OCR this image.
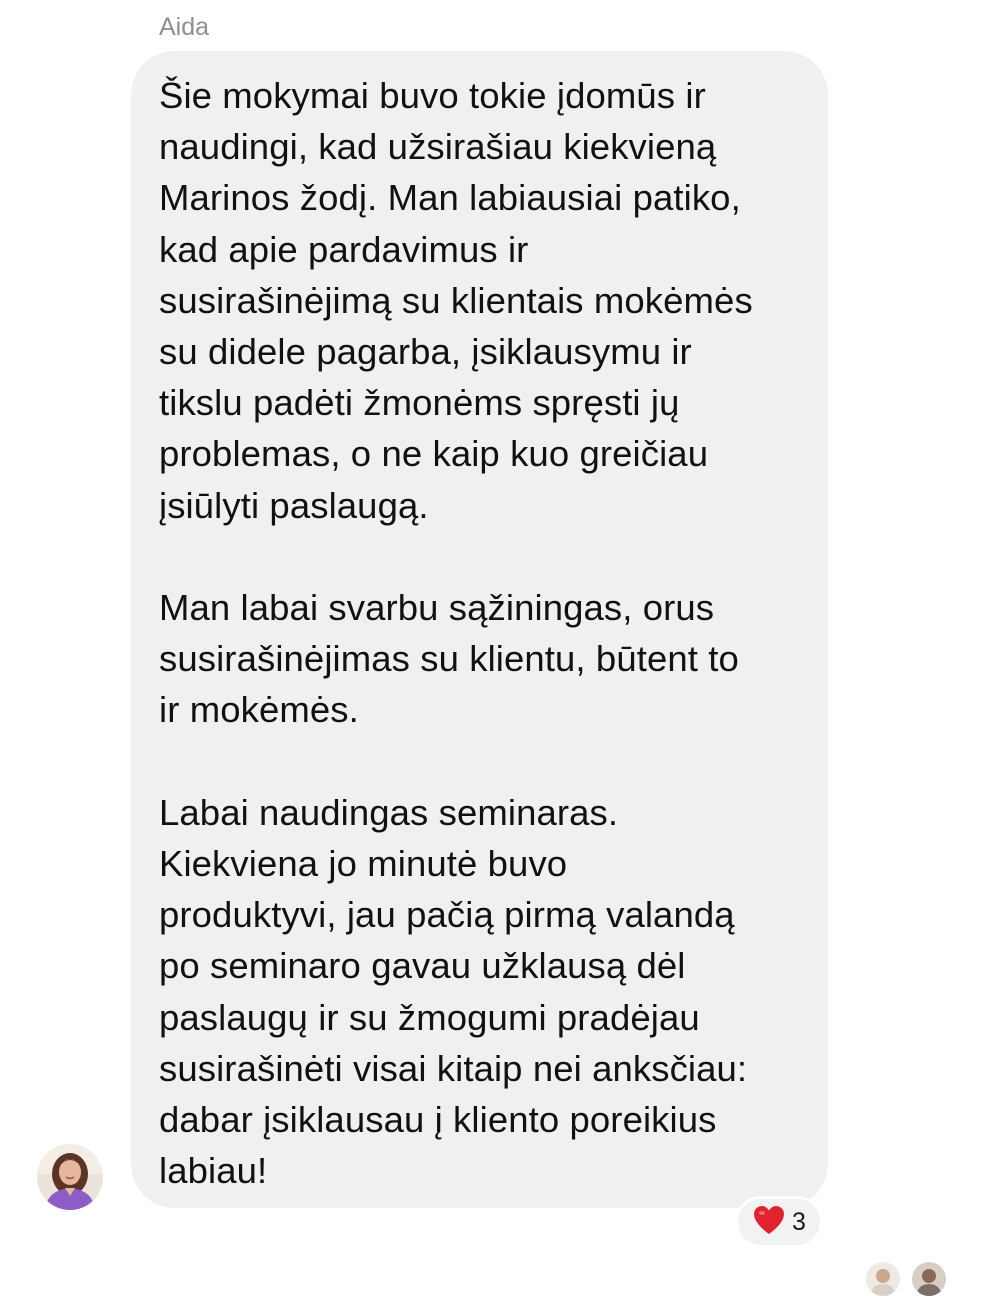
Aida
Šie mokymai buvo tokie įdomūs ir
naudingi, kad užsirašiau kiekvieną
Marinos žodį. Man labiausiai patiko,
kad apie pardavimus ir
susirašinėjimą su klientais mokėmės
su didele pagarba, įsiklausymu ir
tikslu padėti žmonėms spręsti jų
problemas, o ne kaip kuo greičiau
įsiūlyti paslaugą.

Man labai svarbu sąžiningas, orus
susirašinėjimas su klientu, būtent to
ir mokėmės.

Labai naudingas seminaras.
Kiekviena jo minutė buvo
produktyvi, jau pačią pirmą valandą
po seminaro gavau užklausą dėl
paslaugų ir su žmogumi pradėjau
susirašinėti visai kitaip nei anksčiau:
dabar įsiklausau į kliento poreikius
labiau!
3
